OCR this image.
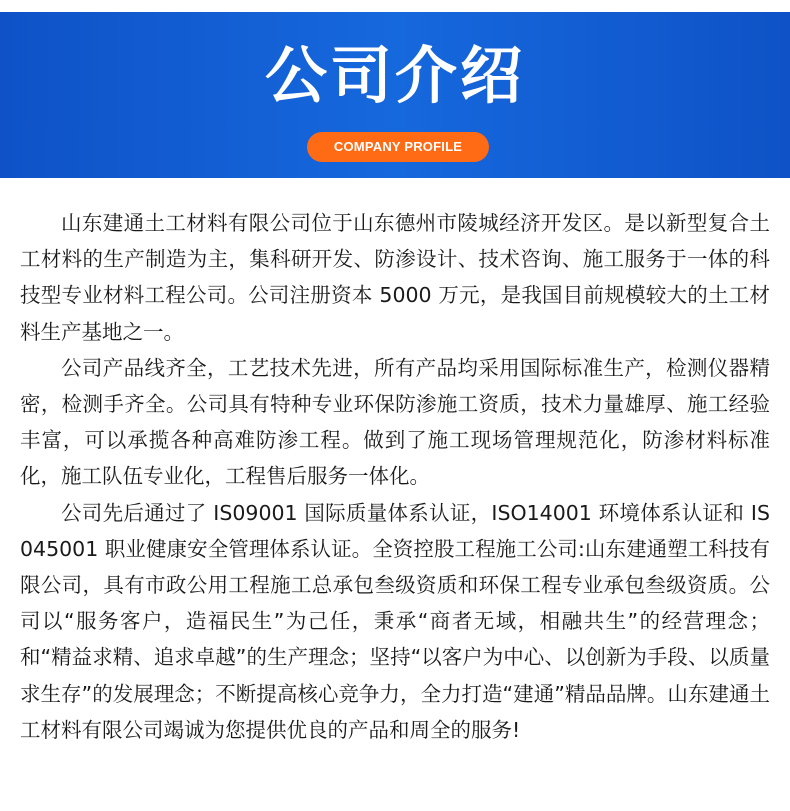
公司介绍
COMPANY PROFILE

山东建通土工材料有限公司位于山东德州市陵城经济开发区。是以新型复合土工材料的生产制造为主，集科研开发、防渗设计、技术咨询、施工服务于一体的科技型专业材料工程公司。公司注册资本 5000 万元，是我国目前规模较大的土工材料生产基地之一。

公司产品线齐全，工艺技术先进，所有产品均采用国际标准生产，检测仪器精密，检测手齐全。公司具有特种专业环保防渗施工资质，技术力量雄厚、施工经验丰富，可以承揽各种高难防渗工程。做到了施工现场管理规范化，防渗材料标准化，施工队伍专业化，工程售后服务一体化。

公司先后通过了 IS09001 国际质量体系认证，ISO14001 环境体系认证和 IS045001 职业健康安全管理体系认证。全资控股工程施工公司:山东建通塑工科技有限公司，具有市政公用工程施工总承包叁级资质和环保工程专业承包叁级资质。公司以“服务客户，造福民生”为己任，秉承“商者无域，相融共生”的经营理念；和“精益求精、追求卓越”的生产理念；坚持“以客户为中心、以创新为手段、以质量求生存”的发展理念；不断提高核心竞争力，全力打造“建通”精品品牌。山东建通土工材料有限公司竭诚为您提供优良的产品和周全的服务!
